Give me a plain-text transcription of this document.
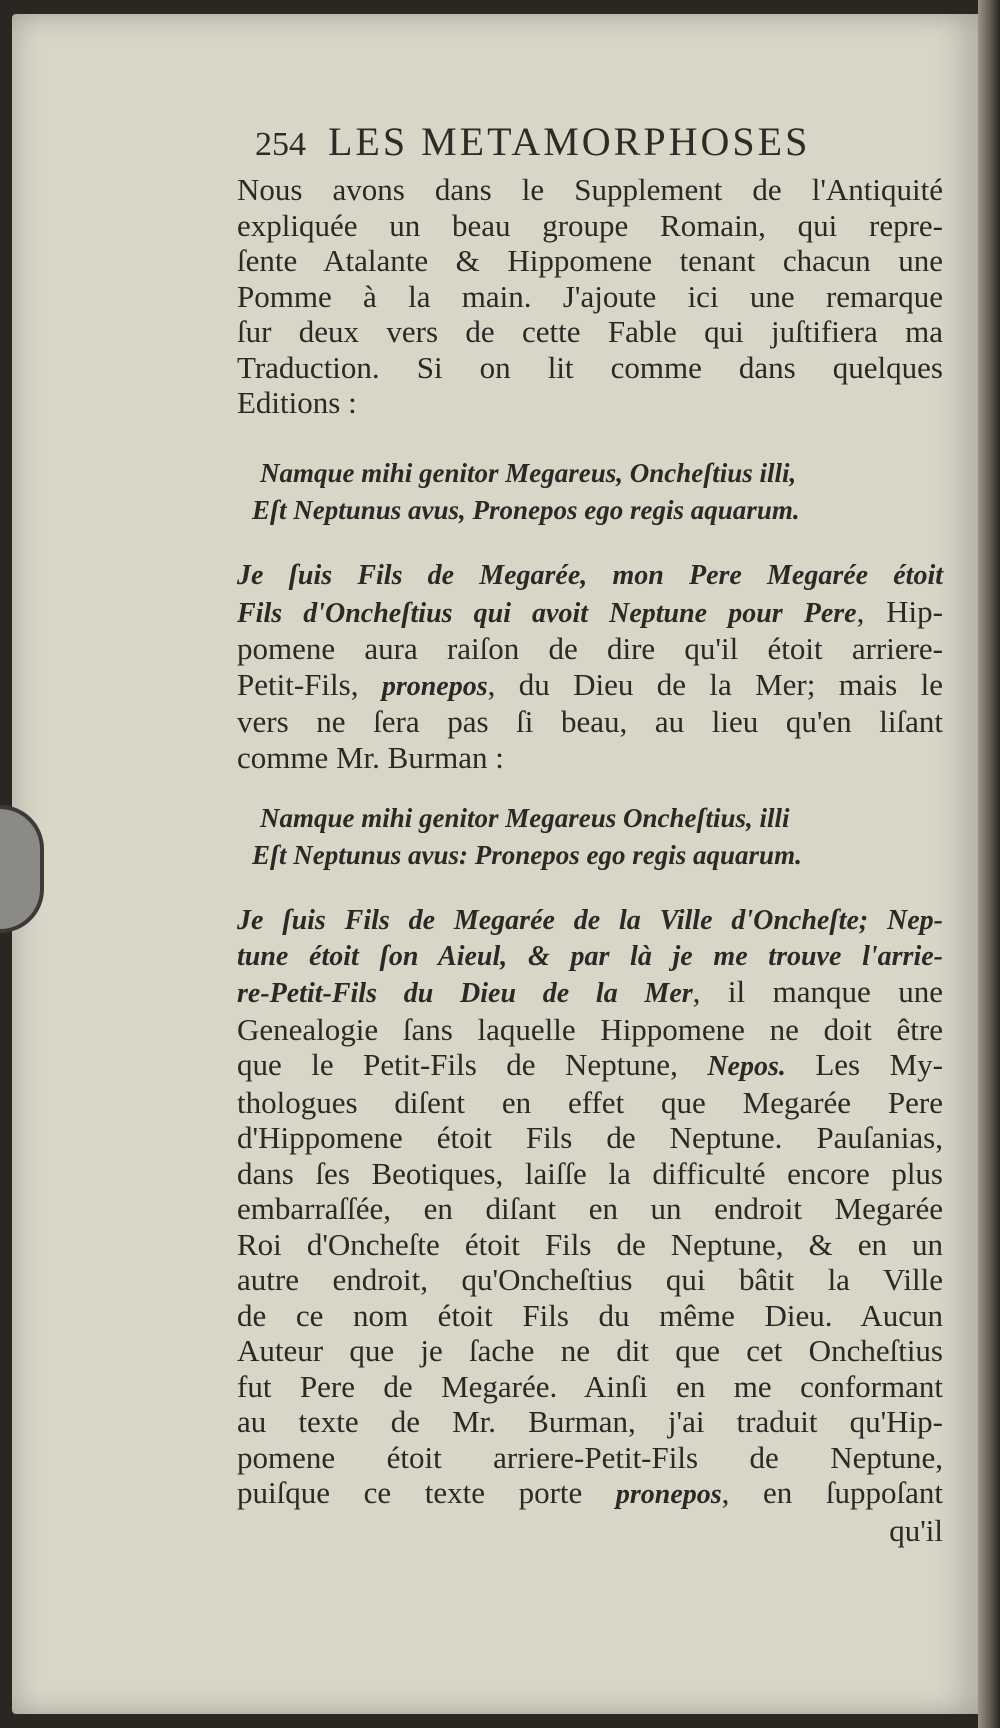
254 LES METAMORPHOSES
Nous avons dans le Supplement de l'Antiquité
expliquée un beau groupe Romain, qui repre-
ſente Atalante & Hippomene tenant chacun une
Pomme à la main. J'ajoute ici une remarque
ſur deux vers de cette Fable qui juſtifiera ma
Traduction. Si on lit comme dans quelques
Editions :
Namque mihi genitor Megareus, Oncheſtius illi,
Eſt Neptunus avus, Pronepos ego regis aquarum.
Je ſuis Fils de Megarée, mon Pere Megarée étoit
Fils d'Oncheſtius qui avoit Neptune pour Pere, Hip-
pomene aura raiſon de dire qu'il étoit arriere-
Petit-Fils, pronepos, du Dieu de la Mer; mais le
vers ne ſera pas ſi beau, au lieu qu'en liſant
comme Mr. Burman :
Namque mihi genitor Megareus Oncheſtius, illi
Eſt Neptunus avus: Pronepos ego regis aquarum.
Je ſuis Fils de Megarée de la Ville d'Oncheſte; Nep-
tune étoit ſon Aieul, & par là je me trouve l'arrie-
re-Petit-Fils du Dieu de la Mer, il manque une
Genealogie ſans laquelle Hippomene ne doit être
que le Petit-Fils de Neptune, Nepos. Les My-
thologues diſent en effet que Megarée Pere
d'Hippomene étoit Fils de Neptune. Pauſanias,
dans ſes Beotiques, laiſſe la difficulté encore plus
embarraſſée, en diſant en un endroit Megarée
Roi d'Oncheſte étoit Fils de Neptune, & en un
autre endroit, qu'Oncheſtius qui bâtit la Ville
de ce nom étoit Fils du même Dieu. Aucun
Auteur que je ſache ne dit que cet Oncheſtius
fut Pere de Megarée. Ainſi en me conformant
au texte de Mr. Burman, j'ai traduit qu'Hip-
pomene étoit arriere-Petit-Fils de Neptune,
puiſque ce texte porte pronepos, en ſuppoſant
qu'il
